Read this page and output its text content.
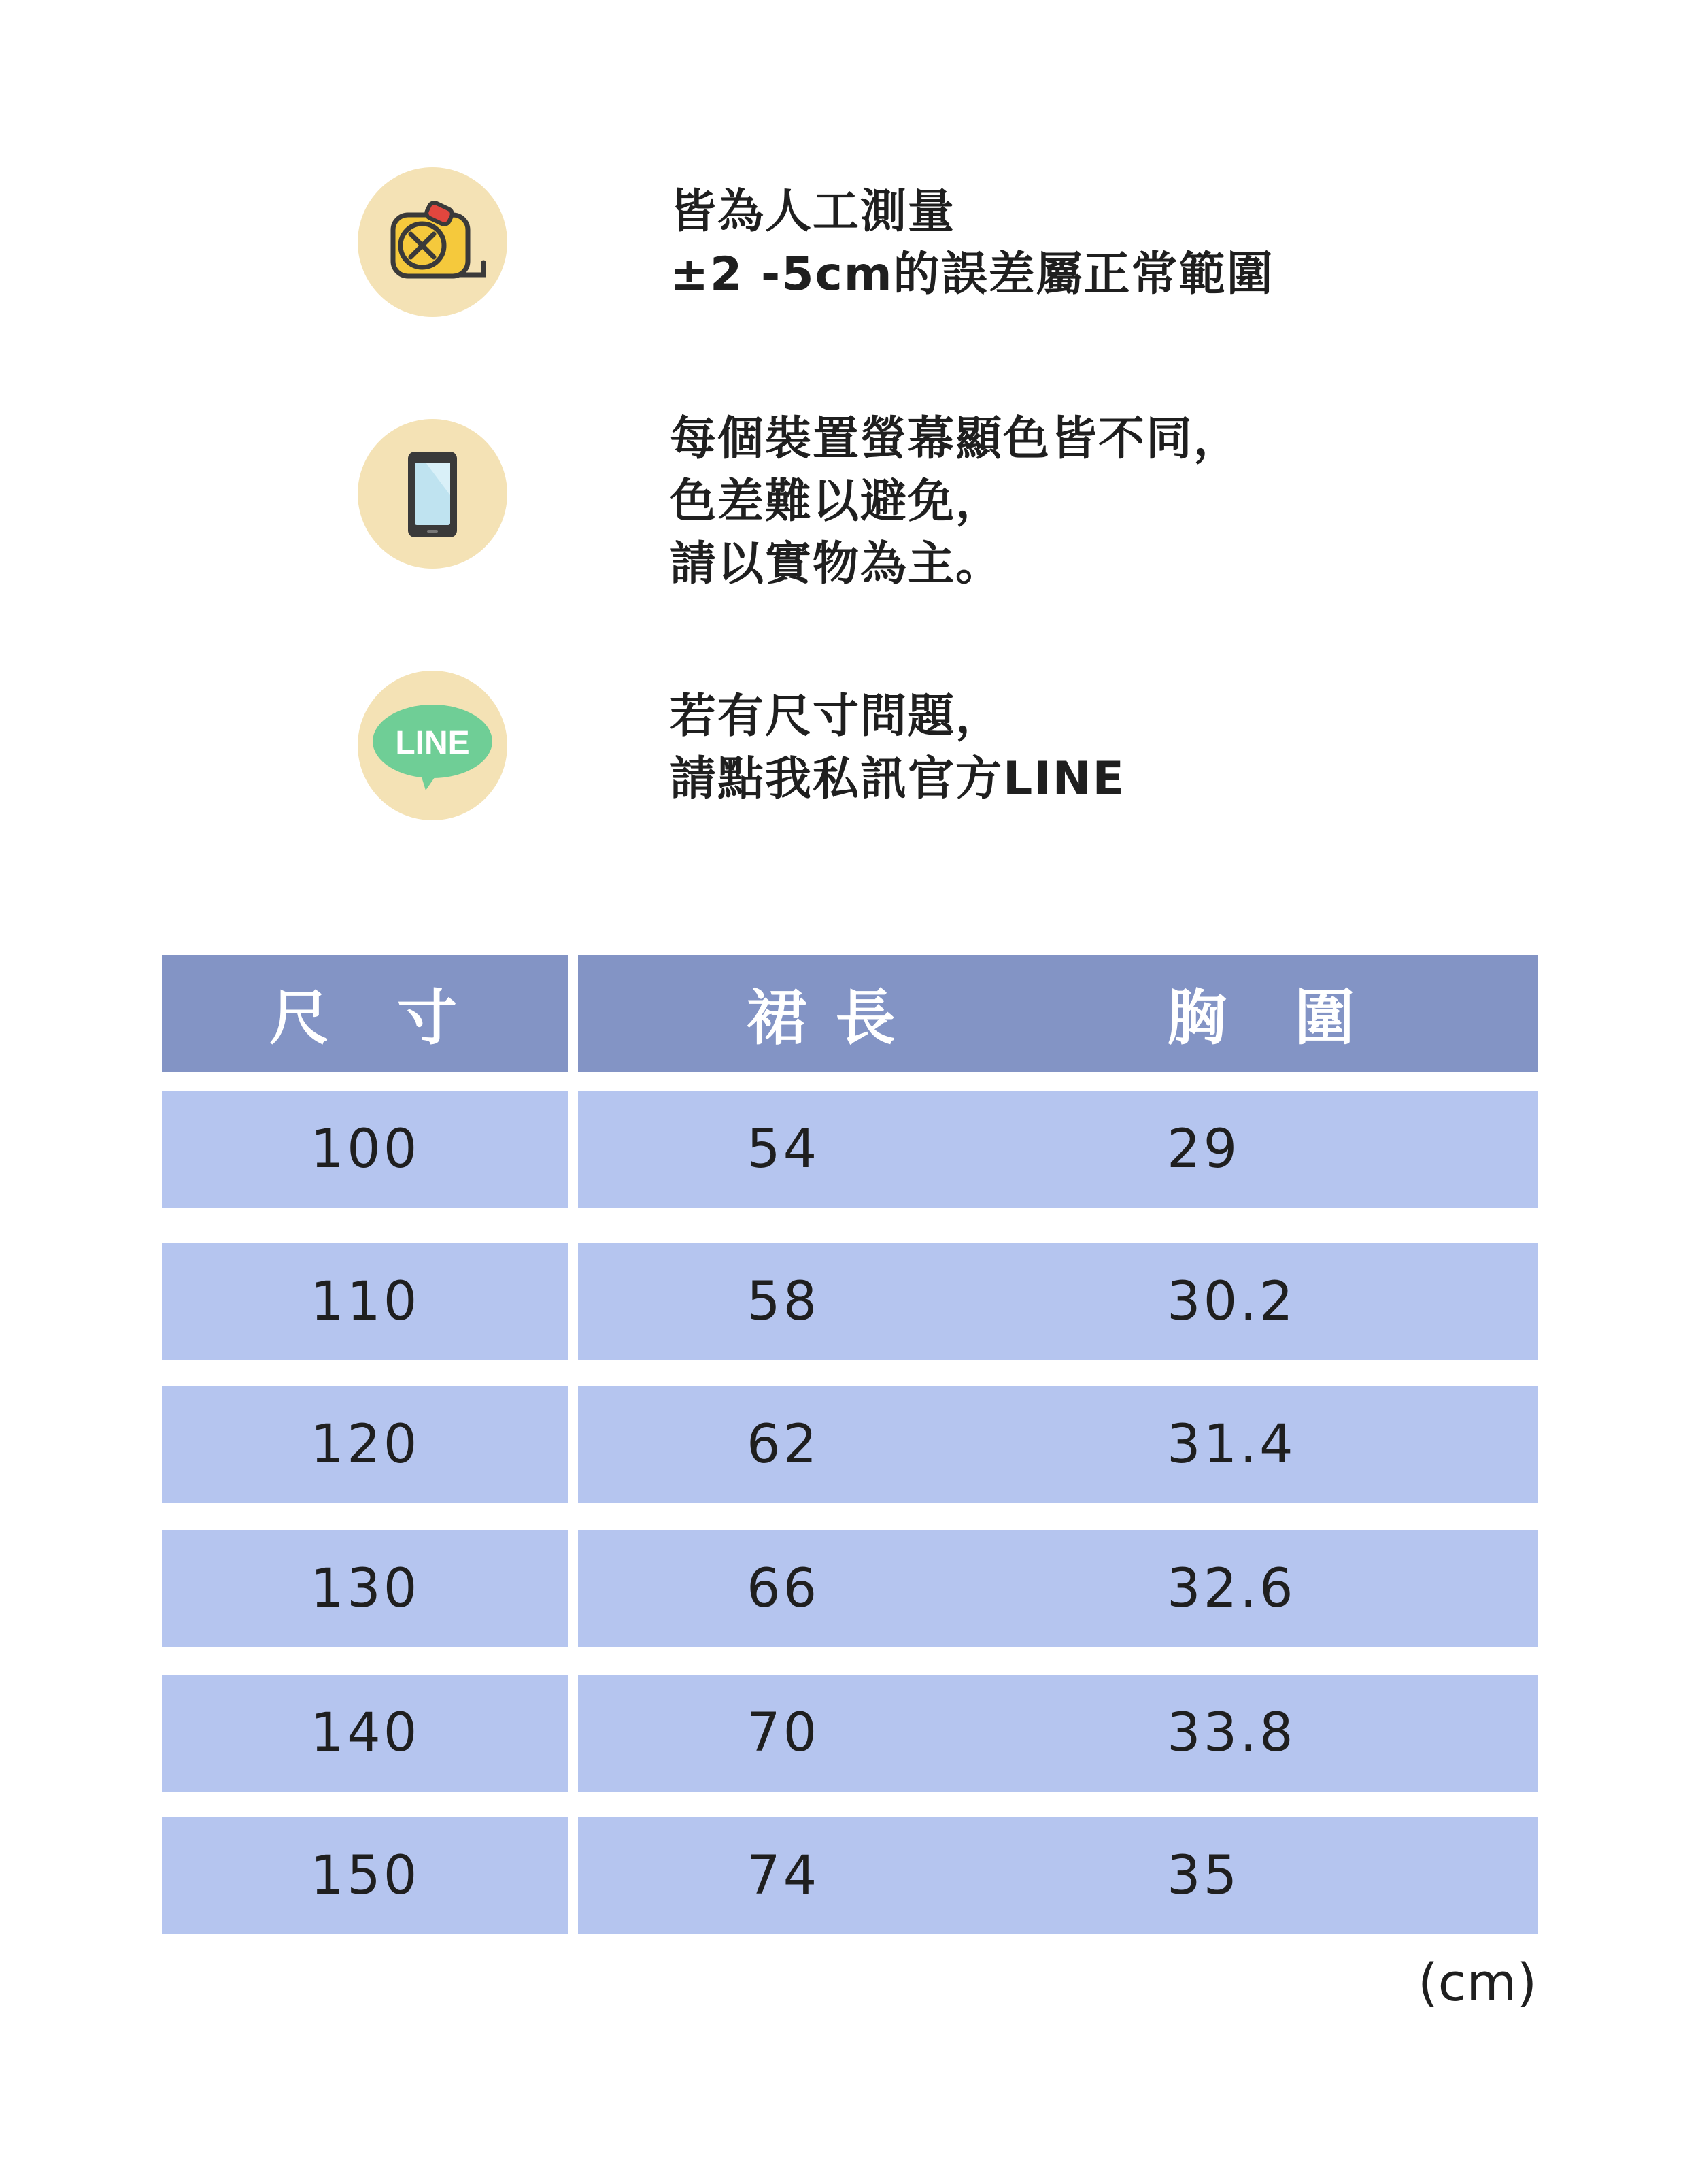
皆為人工測量
±2 -5cm的誤差屬正常範圍
每個裝置螢幕顯色皆不同，
色差難以避免，
請以實物為主。
LINE	若有尺寸問題，
請點我私訊官方LINE
尺　寸	裙 長	胸　圍
100	54	29
110	58	30.2
120	62	31.4
130	66	32.6
140	70	33.8
150	74	35
(cm)
